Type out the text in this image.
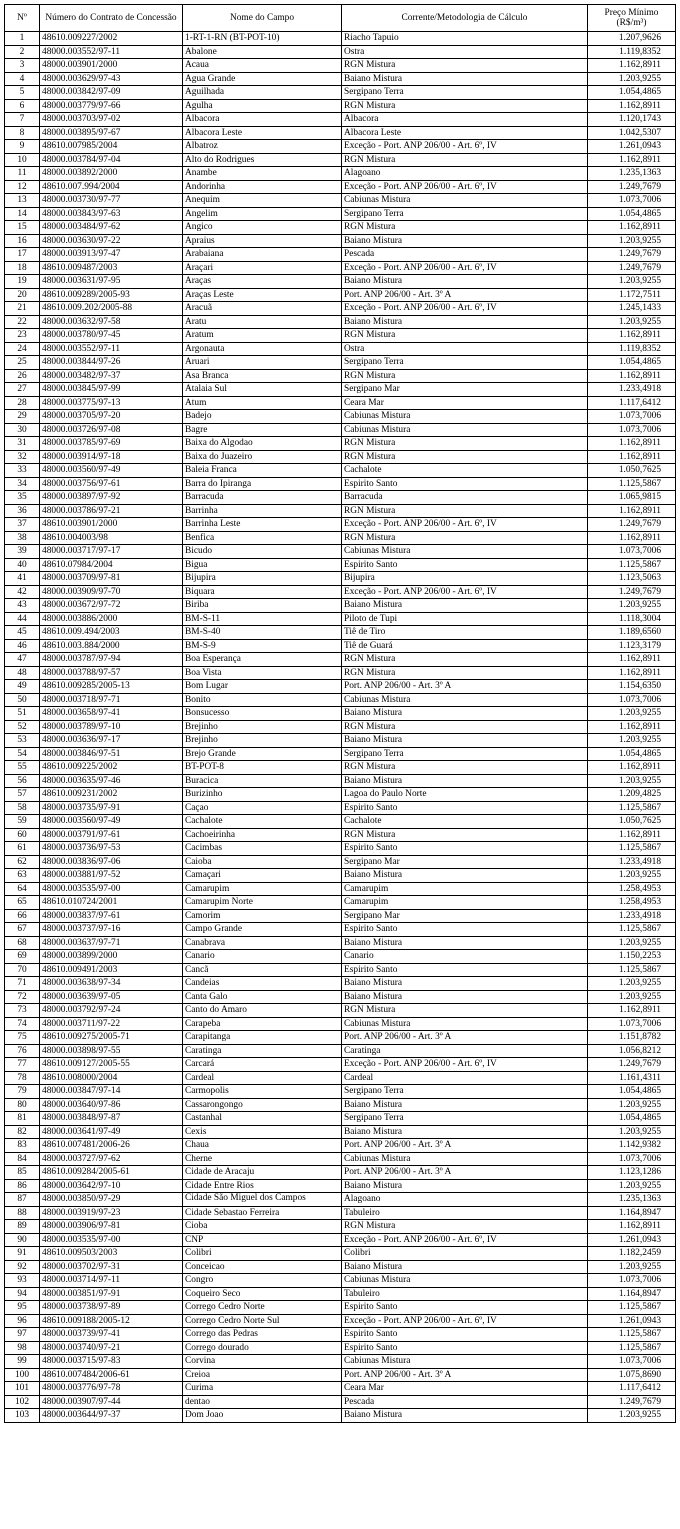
Nº	Número do Contrato de Concessão	Nome do Campo	Corrente/Metodologia de Cálculo	Preço Mínimo (R$/m³)
1	48610.009227/2002	1-RT-1-RN (BT-POT-10)	Riacho Tapuio	1.207,9626
2	48000.003552/97-11	Abalone	Ostra	1.119,8352
3	48000.003901/2000	Acaua	RGN Mistura	1.162,8911
4	48000.003629/97-43	Agua Grande	Baiano Mistura	1.203,9255
5	48000.003842/97-09	Aguilhada	Sergipano Terra	1.054,4865
6	48000.003779/97-66	Agulha	RGN Mistura	1.162,8911
7	48000.003703/97-02	Albacora	Albacora	1.120,1743
8	48000.003895/97-67	Albacora Leste	Albacora Leste	1.042,5307
9	48610.007985/2004	Albatroz	Exceção - Port. ANP 206/00 - Art. 6º, IV	1.261,0943
10	48000.003784/97-04	Alto do Rodrigues	RGN Mistura	1.162,8911
11	48000.003892/2000	Anambe	Alagoano	1.235,1363
12	48610.007.994/2004	Andorinha	Exceção - Port. ANP 206/00 - Art. 6º, IV	1.249,7679
13	48000.003730/97-77	Anequim	Cabiunas Mistura	1.073,7006
14	48000.003843/97-63	Angelim	Sergipano Terra	1.054,4865
15	48000.003484/97-62	Angico	RGN Mistura	1.162,8911
16	48000.003630/97-22	Apraius	Baiano Mistura	1.203,9255
17	48000.003913/97-47	Arabaiana	Pescada	1.249,7679
18	48610.009487/2003	Araçari	Exceção - Port. ANP 206/00 - Art. 6º, IV	1.249,7679
19	48000.003631/97-95	Araças	Baiano Mistura	1.203,9255
20	48610.009289/2005-93	Araças Leste	Port. ANP 206/00 - Art. 3º A	1.172,7511
21	48610.009.202/2005-88	Aracuã	Exceção - Port. ANP 206/00 - Art. 6º, IV	1.245,1433
22	48000.003632/97-58	Aratu	Baiano Mistura	1.203,9255
23	48000.003780/97-45	Aratum	RGN Mistura	1.162,8911
24	48000.003552/97-11	Argonauta	Ostra	1.119,8352
25	48000.003844/97-26	Aruari	Sergipano Terra	1.054,4865
26	48000.003482/97-37	Asa Branca	RGN Mistura	1.162,8911
27	48000.003845/97-99	Atalaia Sul	Sergipano Mar	1.233,4918
28	48000.003775/97-13	Atum	Ceara Mar	1.117,6412
29	48000.003705/97-20	Badejo	Cabiunas Mistura	1.073,7006
30	48000.003726/97-08	Bagre	Cabiunas Mistura	1.073,7006
31	48000.003785/97-69	Baixa do Algodao	RGN Mistura	1.162,8911
32	48000.003914/97-18	Baixa do Juazeiro	RGN Mistura	1.162,8911
33	48000.003560/97-49	Baleia Franca	Cachalote	1.050,7625
34	48000.003756/97-61	Barra do Ipiranga	Espirito Santo	1.125,5867
35	48000.003897/97-92	Barracuda	Barracuda	1.065,9815
36	48000.003786/97-21	Barrinha	RGN Mistura	1.162,8911
37	48610.003901/2000	Barrinha Leste	Exceção - Port. ANP 206/00 - Art. 6º, IV	1.249,7679
38	48610.004003/98	Benfica	RGN Mistura	1.162,8911
39	48000.003717/97-17	Bicudo	Cabiunas Mistura	1.073,7006
40	48610.07984/2004	Bigua	Espirito Santo	1.125,5867
41	48000.003709/97-81	Bijupira	Bijupira	1.123,5063
42	48000.003909/97-70	Biquara	Exceção - Port. ANP 206/00 - Art. 6º, IV	1.249,7679
43	48000.003672/97-72	Biriba	Baiano Mistura	1.203,9255
44	48000.003886/2000	BM-S-11	Piloto de Tupi	1.118,3004
45	48610.009.494/2003	BM-S-40	Tiê de Tiro	1.189,6560
46	48610.003.884/2000	BM-S-9	Tiê de Guará	1.123,3179
47	48000.003787/97-94	Boa Esperança	RGN Mistura	1.162,8911
48	48000.003788/97-57	Boa Vista	RGN Mistura	1.162,8911
49	48610.009285/2005-13	Bom Lugar	Port. ANP 206/00 - Art. 3º A	1.154,6350
50	48000.003718/97-71	Bonito	Cabiunas Mistura	1.073,7006
51	48000.003658/97-41	Bonsucesso	Baiano Mistura	1.203,9255
52	48000.003789/97-10	Brejinho	RGN Mistura	1.162,8911
53	48000.003636/97-17	Brejinho	Baiano Mistura	1.203,9255
54	48000.003846/97-51	Brejo Grande	Sergipano Terra	1.054,4865
55	48610.009225/2002	BT-POT-8	RGN Mistura	1.162,8911
56	48000.003635/97-46	Buracica	Baiano Mistura	1.203,9255
57	48610.009231/2002	Burizinho	Lagoa do Paulo Norte	1.209,4825
58	48000.003735/97-91	Caçao	Espirito Santo	1.125,5867
59	48000.003560/97-49	Cachalote	Cachalote	1.050,7625
60	48000.003791/97-61	Cachoeirinha	RGN Mistura	1.162,8911
61	48000.003736/97-53	Cacimbas	Espirito Santo	1.125,5867
62	48000.003836/97-06	Caioba	Sergipano Mar	1.233,4918
63	48000.003881/97-52	Camaçari	Baiano Mistura	1.203,9255
64	48000.003535/97-00	Camarupim	Camarupim	1.258,4953
65	48610.010724/2001	Camarupim Norte	Camarupim	1.258,4953
66	48000.003837/97-61	Camorim	Sergipano Mar	1.233,4918
67	48000.003737/97-16	Campo Grande	Espirito Santo	1.125,5867
68	48000.003637/97-71	Canabrava	Baiano Mistura	1.203,9255
69	48000.003899/2000	Canario	Canario	1.150,2253
70	48610.009491/2003	Cancã	Espirito Santo	1.125,5867
71	48000.003638/97-34	Candeias	Baiano Mistura	1.203,9255
72	48000.003639/97-05	Canta Galo	Baiano Mistura	1.203,9255
73	48000.003792/97-24	Canto do Amaro	RGN Mistura	1.162,8911
74	48000.003711/97-22	Carapeba	Cabiunas Mistura	1.073,7006
75	48610.009275/2005-71	Carapitanga	Port. ANP 206/00 - Art. 3º A	1.151,8782
76	48000.003898/97-55	Caratinga	Caratinga	1.056,8212
77	48610.009127/2005-55	Carcará	Exceção - Port. ANP 206/00 - Art. 6º, IV	1.249,7679
78	48610.008000/2004	Cardeal	Cardeal	1.161,4311
79	48000.003847/97-14	Carmopolis	Sergipano Terra	1.054,4865
80	48000.003640/97-86	Cassarongongo	Baiano Mistura	1.203,9255
81	48000.003848/97-87	Castanhal	Sergipano Terra	1.054,4865
82	48000.003641/97-49	Cexis	Baiano Mistura	1.203,9255
83	48610.007481/2006-26	Chaua	Port. ANP 206/00 - Art. 3º A	1.142,9382
84	48000.003727/97-62	Cherne	Cabiunas Mistura	1.073,7006
85	48610.009284/2005-61	Cidade de Aracaju	Port. ANP 206/00 - Art. 3º A	1.123,1286
86	48000.003642/97-10	Cidade Entre Rios	Baiano Mistura	1.203,9255
87	48000.003850/97-29	Cidade São Miguel dos Campos	Alagoano	1.235,1363
88	48000.003919/97-23	Cidade Sebastao Ferreira	Tabuleiro	1.164,8947
89	48000.003906/97-81	Cioba	RGN Mistura	1.162,8911
90	48000.003535/97-00	CNP	Exceção - Port. ANP 206/00 - Art. 6º, IV	1.261,0943
91	48610.009503/2003	Colibri	Colibri	1.182,2459
92	48000.003702/97-31	Conceicao	Baiano Mistura	1.203,9255
93	48000.003714/97-11	Congro	Cabiunas Mistura	1.073,7006
94	48000.003851/97-91	Coqueiro Seco	Tabuleiro	1.164,8947
95	48000.003738/97-89	Corrego Cedro Norte	Espirito Santo	1.125,5867
96	48610.009188/2005-12	Corrego Cedro Norte Sul	Exceção - Port. ANP 206/00 - Art. 6º, IV	1.261,0943
97	48000.003739/97-41	Corrego das Pedras	Espirito Santo	1.125,5867
98	48000.003740/97-21	Corrego dourado	Espirito Santo	1.125,5867
99	48000.003715/97-83	Corvina	Cabiunas Mistura	1.073,7006
100	48610.007484/2006-61	Creioa	Port. ANP 206/00 - Art. 3º A	1.075,8690
101	48000.003776/97-78	Curima	Ceara Mar	1.117,6412
102	48000.003907/97-44	dentao	Pescada	1.249,7679
103	48000.003644/97-37	Dom Joao	Baiano Mistura	1.203,9255
